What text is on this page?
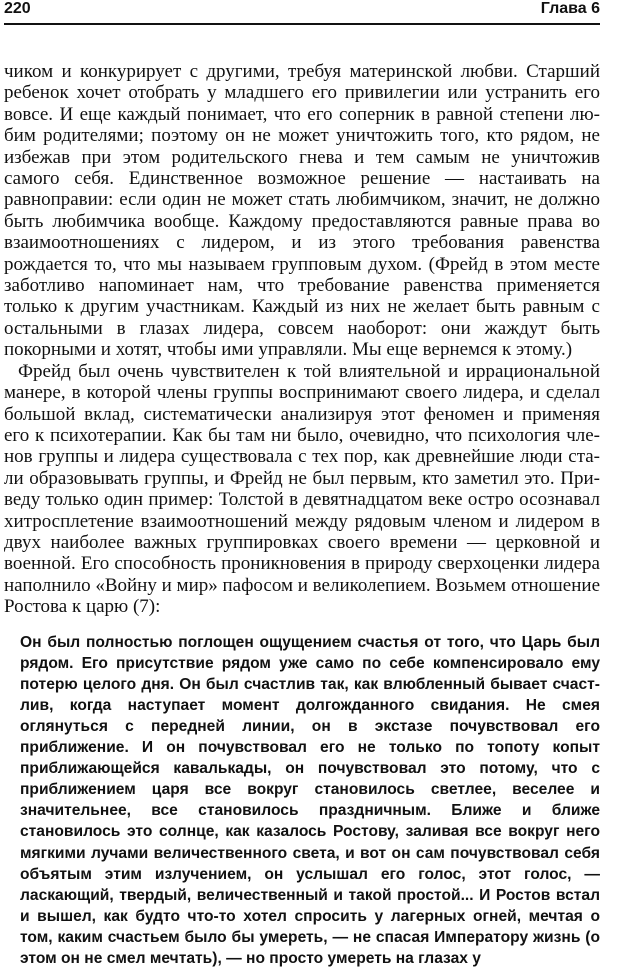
220	Глава 6

чиком и конкурирует с другими, требуя материнской любви. Старший ребенок хочет отобрать у младшего его привилегии или устранить его вовсе. И еще каждый понимает, что его соперник в равной степени любим родителями; поэтому он не может уничтожить того, кто рядом, не избежав при этом родительского гнева и тем самым не уничтожив самого себя. Единственное возможное решение — настаивать на равноправии: если один не может стать любимчиком, значит, не должно быть любимчика вообще. Каждому предоставляются равные права во взаимоотношениях с лидером, и из этого требования равенства рождается то, что мы называем групповым духом. (Фрейд в этом месте заботливо напоминает нам, что требование равенства применяется только к другим участникам. Каждый из них не желает быть равным с остальными в глазах лидера, совсем наоборот: они жаждут быть покорными и хотят, чтобы ими управляли. Мы еще вернемся к этому.)

Фрейд был очень чувствителен к той влиятельной и иррациональной манере, в которой члены группы воспринимают своего лидера, и сделал большой вклад, систематически анализируя этот феномен и применяя его к психотерапии. Как бы там ни было, очевидно, что психология членов группы и лидера существовала с тех пор, как древнейшие люди стали образовывать группы, и Фрейд не был первым, кто заметил это. Приведу только один пример: Толстой в девятнадцатом веке остро осознавал хитросплетение взаимоотношений между рядовым членом и лидером в двух наиболее важных группировках своего времени — церковной и военной. Его способность проникновения в природу сверхоценки лидера наполнило «Войну и мир» пафосом и великолепием. Возьмем отношение Ростова к царю (7):

Он был полностью поглощен ощущением счастья от того, что Царь был рядом. Его присутствие рядом уже само по себе компенсировало ему потерю целого дня. Он был счастлив так, как влюбленный бывает счастлив, когда наступает момент долгожданного свидания. Не смея оглянуться с передней линии, он в экстазе почувствовал его приближение. И он почувствовал его не только по топоту копыт приближающейся кавалькады, он почувствовал это потому, что с приближением царя все вокруг становилось светлее, веселее и значительнее, все становилось праздничным. Ближе и ближе становилось это солнце, как казалось Ростову, заливая все вокруг него мягкими лучами величественного света, и вот он сам почувствовал себя объятым этим излучением, он услышал его голос, этот голос, — ласкающий, твердый, величественный и такой простой... И Ростов встал и вышел, как будто что-то хотел спросить у лагерных огней, мечтая о том, каким счастьем было бы умереть, — не спасая Императору жизнь (о этом он не смел мечтать), — но просто умереть на глазах у
